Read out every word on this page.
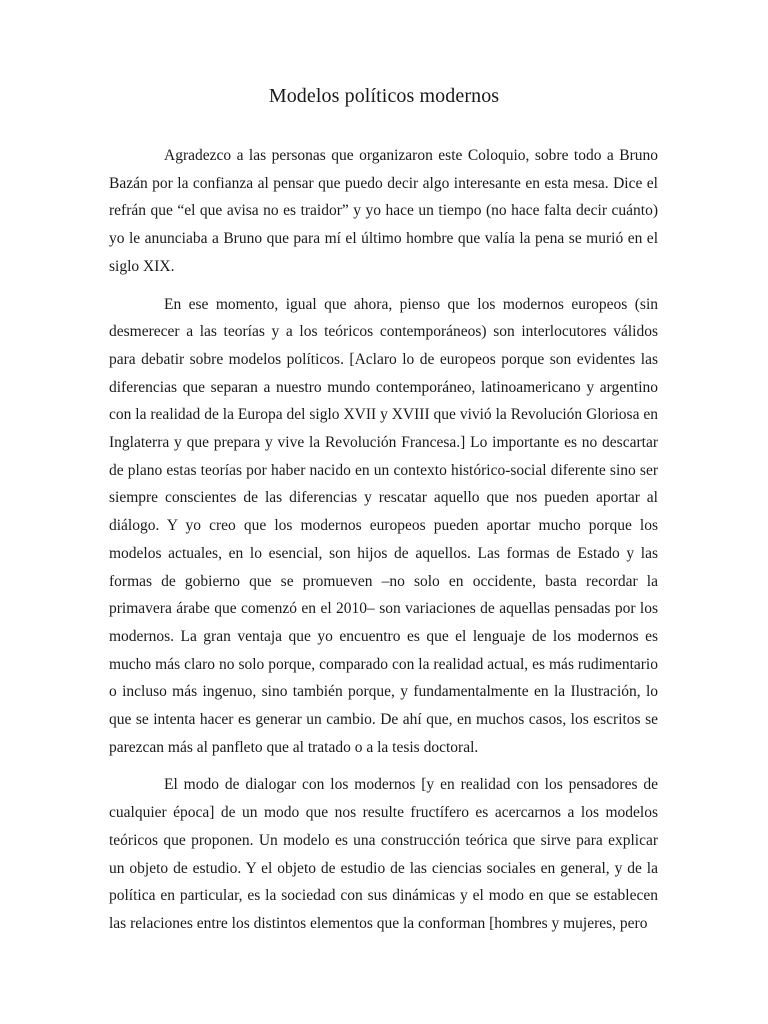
Modelos políticos modernos

Agradezco a las personas que organizaron este Coloquio, sobre todo a Bruno Bazán por la confianza al pensar que puedo decir algo interesante en esta mesa. Dice el refrán que “el que avisa no es traidor” y yo hace un tiempo (no hace falta decir cuánto) yo le anunciaba a Bruno que para mí el último hombre que valía la pena se murió en el siglo XIX.

En ese momento, igual que ahora, pienso que los modernos europeos (sin desmerecer a las teorías y a los teóricos contemporáneos) son interlocutores válidos para debatir sobre modelos políticos. [Aclaro lo de europeos porque son evidentes las diferencias que separan a nuestro mundo contemporáneo, latinoamericano y argentino con la realidad de la Europa del siglo XVII y XVIII que vivió la Revolución Gloriosa en Inglaterra y que prepara y vive la Revolución Francesa.] Lo importante es no descartar de plano estas teorías por haber nacido en un contexto histórico-social diferente sino ser siempre conscientes de las diferencias y rescatar aquello que nos pueden aportar al diálogo. Y yo creo que los modernos europeos pueden aportar mucho porque los modelos actuales, en lo esencial, son hijos de aquellos. Las formas de Estado y las formas de gobierno que se promueven –no solo en occidente, basta recordar la primavera árabe que comenzó en el 2010– son variaciones de aquellas pensadas por los modernos. La gran ventaja que yo encuentro es que el lenguaje de los modernos es mucho más claro no solo porque, comparado con la realidad actual, es más rudimentario o incluso más ingenuo, sino también porque, y fundamentalmente en la Ilustración, lo que se intenta hacer es generar un cambio. De ahí que, en muchos casos, los escritos se parezcan más al panfleto que al tratado o a la tesis doctoral.

El modo de dialogar con los modernos [y en realidad con los pensadores de cualquier época] de un modo que nos resulte fructífero es acercarnos a los modelos teóricos que proponen. Un modelo es una construcción teórica que sirve para explicar un objeto de estudio. Y el objeto de estudio de las ciencias sociales en general, y de la política en particular, es la sociedad con sus dinámicas y el modo en que se establecen las relaciones entre los distintos elementos que la conforman [hombres y mujeres, pero
